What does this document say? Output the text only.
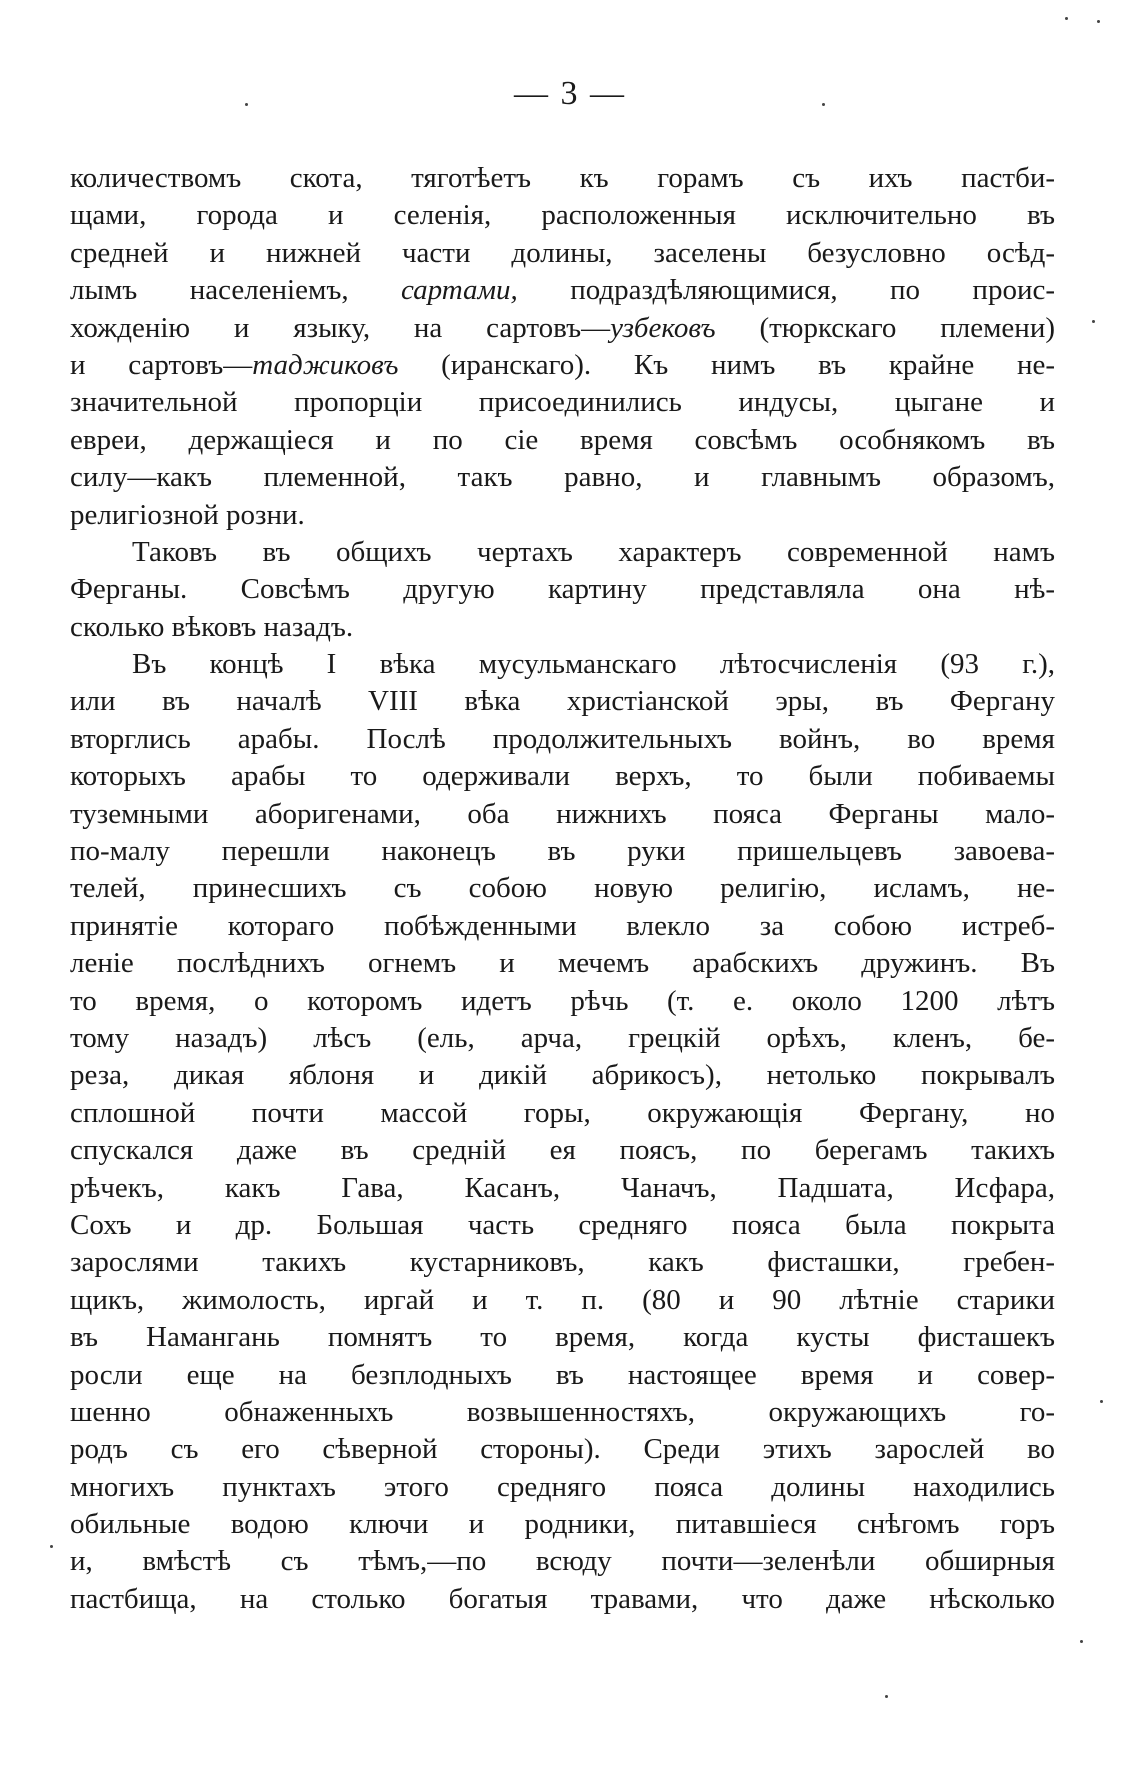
— 3 —
количествомъ скота, тяготѣетъ къ горамъ съ ихъ пастби-
щами, города и селенія, расположенныя исключительно въ
средней и нижней части долины, заселены безусловно осѣд-
лымъ населеніемъ, сартами, подраздѣляющимися, по проис-
хожденію и языку, на сартовъ—узбековъ (тюркскаго племени)
и сартовъ—таджиковъ (иранскаго). Къ нимъ въ крайне не-
значительной пропорціи присоединились индусы, цыгане и
евреи, держащіеся и по сіе время совсѣмъ особнякомъ въ
силу—какъ племенной, такъ равно, и главнымъ образомъ,
религіозной розни.
Таковъ въ общихъ чертахъ характеръ современной намъ
Ферганы. Совсѣмъ другую картину представляла она нѣ-
сколько вѣковъ назадъ.
Въ концѣ I вѣка мусульманскаго лѣтосчисленія (93 г.),
или въ началѣ VIII вѣка христіанской эры, въ Фергану
вторглись арабы. Послѣ продолжительныхъ войнъ, во время
которыхъ арабы то одерживали верхъ, то были побиваемы
туземными аборигенами, оба нижнихъ пояса Ферганы мало-
по-малу перешли наконецъ въ руки пришельцевъ завоева-
телей, принесшихъ съ собою новую религію, исламъ, не-
принятіе котораго побѣжденными влекло за собою истреб-
леніе послѣднихъ огнемъ и мечемъ арабскихъ дружинъ. Въ
то время, о которомъ идетъ рѣчь (т. е. около 1200 лѣтъ
тому назадъ) лѣсъ (ель, арча, грецкій орѣхъ, кленъ, бе-
реза, дикая яблоня и дикій абрикосъ), нетолько покрывалъ
сплошной почти массой горы, окружающія Фергану, но
спускался даже въ средній ея поясъ, по берегамъ такихъ
рѣчекъ, какъ Гава, Касанъ, Чаначъ, Падшата, Исфара,
Сохъ и др. Большая часть средняго пояса была покрыта
зарослями такихъ кустарниковъ, какъ фисташки, гребен-
щикъ, жимолость, иргай и т. п. (80 и 90 лѣтніе старики
въ Намангань помнятъ то время, когда кусты фисташекъ
росли еще на безплодныхъ въ настоящее время и совер-
шенно обнаженныхъ возвышенностяхъ, окружающихъ го-
родъ съ его сѣверной стороны). Среди этихъ зарослей во
многихъ пунктахъ этого средняго пояса долины находились
обильные водою ключи и родники, питавшіеся снѣгомъ горъ
и, вмѣстѣ съ тѣмъ,—по всюду почти—зеленѣли обширныя
пастбища, на столько богатыя травами, что даже нѣсколько
